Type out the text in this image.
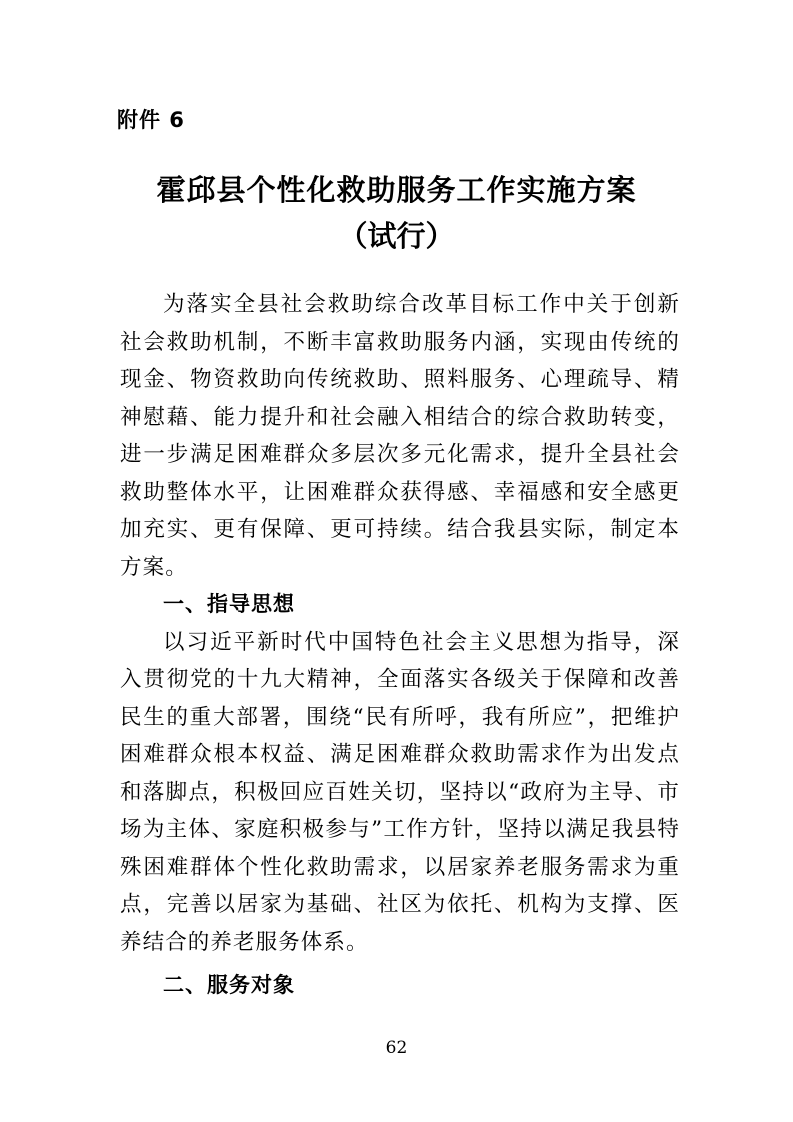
附件 6
霍邱县个性化救助服务工作实施方案
（试行）

为落实全县社会救助综合改革目标工作中关于创新社会救助机制，不断丰富救助服务内涵，实现由传统的现金、物资救助向传统救助、照料服务、心理疏导、精神慰藉、能力提升和社会融入相结合的综合救助转变，进一步满足困难群众多层次多元化需求，提升全县社会救助整体水平，让困难群众获得感、幸福感和安全感更加充实、更有保障、更可持续。结合我县实际，制定本方案。

一、指导思想

以习近平新时代中国特色社会主义思想为指导，深入贯彻党的十九大精神，全面落实各级关于保障和改善民生的重大部署，围绕“民有所呼，我有所应”，把维护困难群众根本权益、满足困难群众救助需求作为出发点和落脚点，积极回应百姓关切，坚持以“政府为主导、市场为主体、家庭积极参与”工作方针，坚持以满足我县特殊困难群体个性化救助需求，以居家养老服务需求为重点，完善以居家为基础、社区为依托、机构为支撑、医养结合的养老服务体系。

二、服务对象

62
